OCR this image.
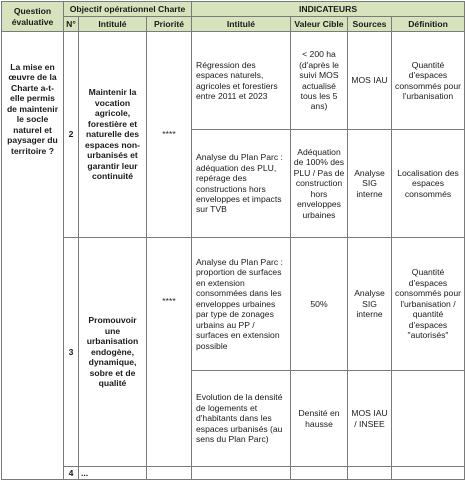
Question évaluative	Objectif opérationnel Charte			INDICATEURS			
	N°	Intitulé	Priorité	Intitulé	Valeur Cible	Sources	Définition
La mise en œuvre de la Charte a-t-elle permis de maintenir le socle naturel et paysager du territoire ?	2	Maintenir la vocation agricole, forestière et naturelle des espaces non-urbanisés et garantir leur continuité	****	Régression des espaces naturels, agricoles et forestiers entre 2011 et 2023	< 200 ha (d'après le suivi MOS actualisé tous les 5 ans)	MOS IAU	Quantité d'espaces consommés pour l'urbanisation
				Analyse du Plan Parc : adéquation des PLU, repérage des constructions hors enveloppes et impacts sur TVB	Adéquation de 100% des PLU / Pas de construction hors enveloppes urbaines	Analyse SIG interne	Localisation des espaces consommés
	3	Promouvoir une urbanisation endogène, dynamique, sobre et de qualité	****	Analyse du Plan Parc : proportion de surfaces en extension consommées dans les enveloppes urbaines par type de zonages urbains au PP / surfaces en extension possible	50%	Analyse SIG interne	Quantité d'espaces consommés pour l'urbanisation / quantité d'espaces "autorisés"
				Evolution de la densité de logements et d'habitants dans les espaces urbanisés (au sens du Plan Parc)	Densité en hausse	MOS IAU / INSEE	
	4	...					
